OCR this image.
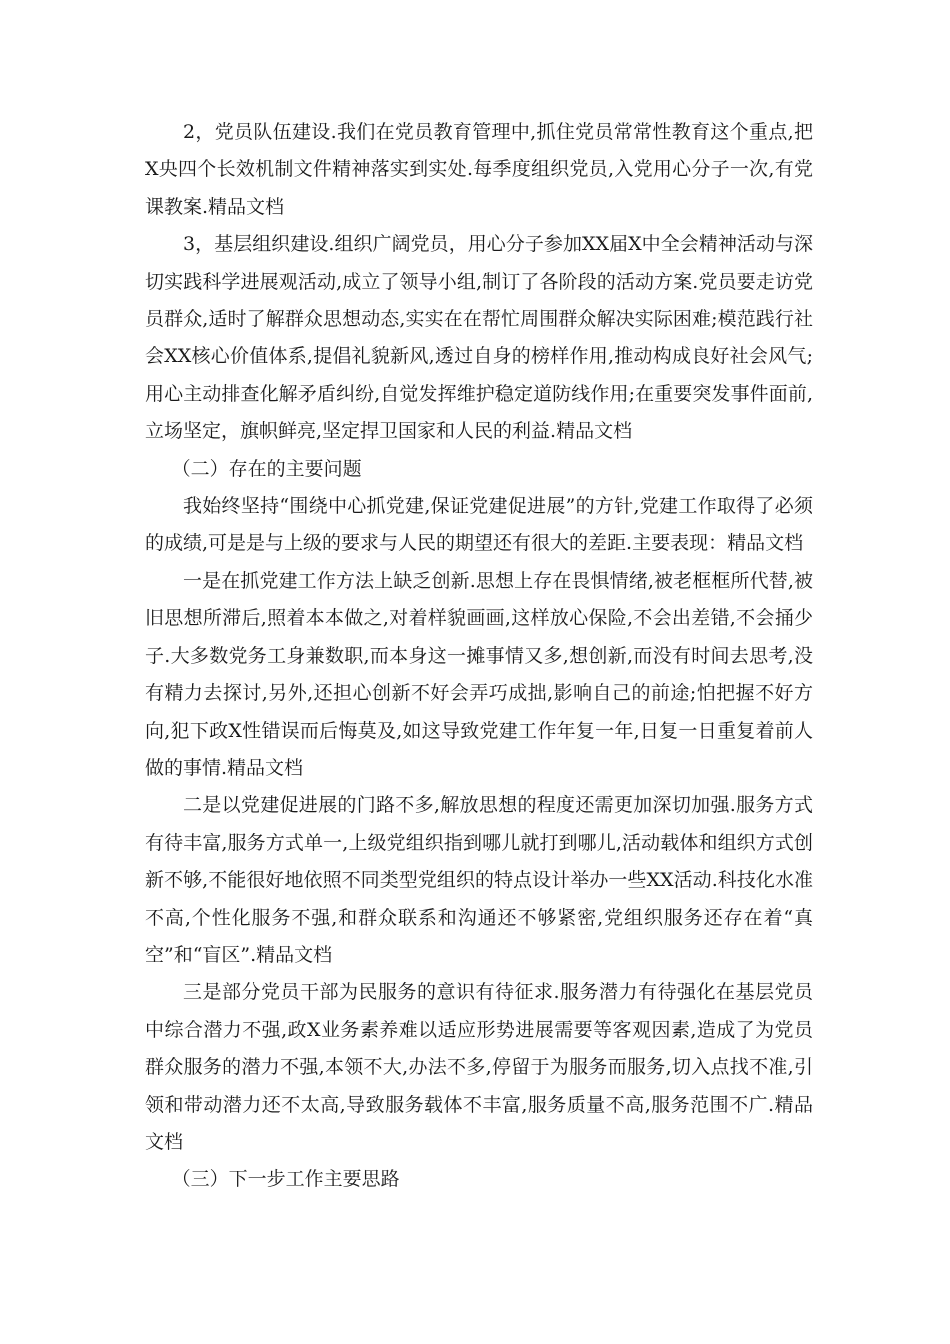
2，党员队伍建设.我们在党员教育管理中,抓住党员常常性教育这个重点,把X央四个长效机制文件精神落实到实处.每季度组织党员,入党用心分子一次,有党课教案.精品文档

3，基层组织建设.组织广阔党员，用心分子参加XX届X中全会精神活动与深切实践科学进展观活动,成立了领导小组,制订了各阶段的活动方案.党员要走访党员群众,适时了解群众思想动态,实实在在帮忙周围群众解决实际困难;模范践行社会XX核心价值体系,提倡礼貌新风,透过自身的榜样作用,推动构成良好社会风气;用心主动排查化解矛盾纠纷,自觉发挥维护稳定道防线作用;在重要突发事件面前,立场坚定，旗帜鲜亮,坚定捍卫国家和人民的利益.精品文档

（二）存在的主要问题

我始终坚持“围绕中心抓党建,保证党建促进展”的方针,党建工作取得了必须的成绩,可是是与上级的要求与人民的期望还有很大的差距.主要表现：精品文档

一是在抓党建工作方法上缺乏创新.思想上存在畏惧情绪,被老框框所代替,被旧思想所滞后,照着本本做之,对着样貌画画,这样放心保险,不会出差错,不会捅少子.大多数党务工身兼数职,而本身这一摊事情又多,想创新,而没有时间去思考,没有精力去探讨,另外,还担心创新不好会弄巧成拙,影响自己的前途;怕把握不好方向,犯下政X性错误而后悔莫及,如这导致党建工作年复一年,日复一日重复着前人做的事情.精品文档

二是以党建促进展的门路不多,解放思想的程度还需更加深切加强.服务方式有待丰富,服务方式单一,上级党组织指到哪儿就打到哪儿,活动载体和组织方式创新不够,不能很好地依照不同类型党组织的特点设计举办一些XX活动.科技化水准不高,个性化服务不强,和群众联系和沟通还不够紧密,党组织服务还存在着“真空”和“盲区”.精品文档

三是部分党员干部为民服务的意识有待征求.服务潜力有待强化在基层党员中综合潜力不强,政X业务素养难以适应形势进展需要等客观因素,造成了为党员群众服务的潜力不强,本领不大,办法不多,停留于为服务而服务,切入点找不准,引领和带动潜力还不太高,导致服务载体不丰富,服务质量不高,服务范围不广.精品文档

（三）下一步工作主要思路
